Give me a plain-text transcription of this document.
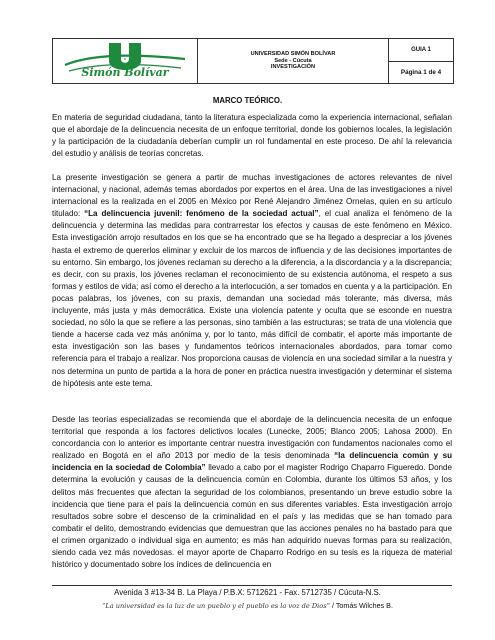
U
Simón Bolívar
UNIVERSIDAD SIMÓN BOLÍVAR
Sede - Cúcuta
INVESTIGACIÓN
GUIA 1
Página 1 de 4
MARCO TEÓRICO.

En materia de seguridad ciudadana, tanto la literatura especializada como la experiencia internacional, señalan que el abordaje de la delincuencia necesita de un enfoque territorial, donde los gobiernos locales, la legislación y la participación de la ciudadanía deberían cumplir un rol fundamental en este proceso. De ahí la relevancia del estudio y análisis de teorías concretas.

La presente investigación se genera a partir de muchas investigaciones de actores relevantes de nivel internacional, y nacional, además temas abordados por expertos en el área. Una de las investigaciones a nivel internacional es la realizada en el 2005 en México por René Alejandro Jiménez Ornelas, quien en su artículo titulado: “La delincuencia juvenil: fenómeno de la sociedad actual”, el cual analiza el fenómeno de la delincuencia y determina las medidas para contrarrestar los efectos y causas de este fenómeno en México. Esta investigación arrojo resultados en los que se ha encontrado que se ha llegado a despreciar a los jóvenes hasta el extremo de quererlos eliminar y excluir de los marcos de influencia y de las decisiones importantes de su entorno. Sin embargo, los jóvenes reclaman su derecho a la diferencia, a la discordancia y a la discrepancia; es decir, con su praxis, los jóvenes reclaman el reconocimiento de su existencia autónoma, el respeto a sus formas y estilos de vida; así como el derecho a la interlocución, a ser tomados en cuenta y a la participación. En pocas palabras, los jóvenes, con su praxis, demandan una sociedad más tolerante, más diversa, más incluyente, más justa y más democrática. Existe una violencia patente y oculta que se esconde en nuestra sociedad, no sólo la que se refiere a las personas, sino también a las estructuras; se trata de una violencia que tiende a hacerse cada vez más anónima y, por lo tanto, más difícil de combatir, el aporte más importante de esta investigación son las bases y fundamentos teóricos internacionales abordados, para tomar como referencia para el trabajo a realizar. Nos proporciona causas de violencia en una sociedad similar a la nuestra y nos determina un punto de partida a la hora de poner en práctica nuestra investigación y determinar el sistema de hipótesis ante este tema.

Desde las teorías especializadas se recomienda que el abordaje de la delincuencia necesita de un enfoque territorial que responda a los factores delictivos locales (Lunecke, 2005; Blanco 2005; Lahosa 2000). En concordancia con lo anterior es importante centrar nuestra investigación con fundamentos nacionales como el realizado en Bogotá en el año 2013 por medio de la tesis denominada “la delincuencia común y su incidencia en la sociedad de Colombia” llevado a cabo por el magister Rodrigo Chaparro Figueredo. Donde determina la evolución y causas de la delincuencia común en Colombia, durante los últimos 53 años, y los delitos más frecuentes que afectan la seguridad de los colombianos, presentando un breve estudio sobre la incidencia que tiene para el país la delincuencia común en sus diferentes variables. Esta investigación arrojo resultados sobre sobre el descenso de la criminalidad en el país y las medidas que se han tomado para combatir el delito, demostrando evidencias que demuestran que las acciones penales no ha bastado para que el crimen organizado o individual siga en aumento; es más han adquirido nuevas formas para su realización, siendo cada vez más novedosas. el mayor aporte de Chaparro Rodrigo en su tesis es la riqueza de material histórico y documentado sobre los índices de delincuencia en

Avenida 3 #13-34 B. La Playa / P.B.X: 5712621 - Fax. 5712735 / Cúcuta-N.S.
“La universidad es la luz de un pueblo y el pueblo es la voz de Dios” / Tomás Wilches B.
